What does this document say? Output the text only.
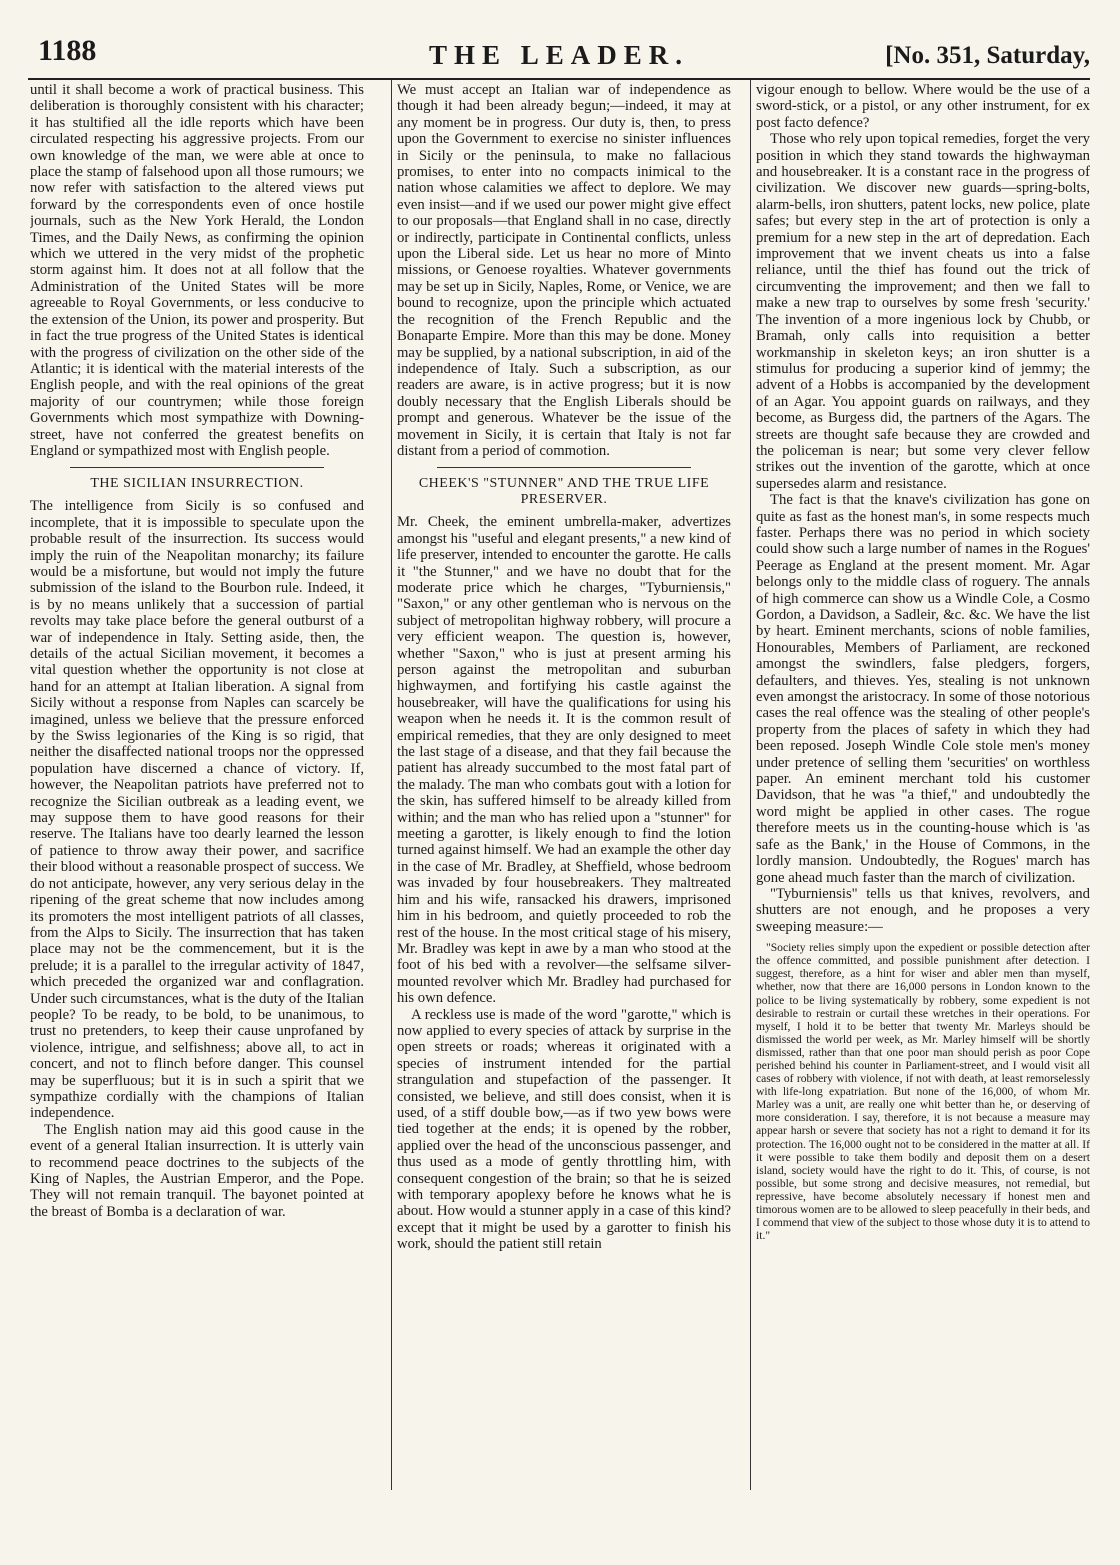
1188	THE LEADER.	[No. 351, Saturday,

until it shall become a work of practical business. This deliberation is thoroughly consistent with his character; it has stultified all the idle reports which have been circulated respecting his aggressive projects. From our own knowledge of the man, we were able at once to place the stamp of falsehood upon all those rumours; we now refer with satisfaction to the altered views put forward by the correspondents even of once hostile journals, such as the New York Herald, the London Times, and the Daily News, as confirming the opinion which we uttered in the very midst of the prophetic storm against him. It does not at all follow that the Administration of the United States will be more agreeable to Royal Governments, or less conducive to the extension of the Union, its power and prosperity. But in fact the true progress of the United States is identical with the progress of civilization on the other side of the Atlantic; it is identical with the material interests of the English people, and with the real opinions of the great majority of our countrymen; while those foreign Governments which most sympathize with Downing-street, have not conferred the greatest benefits on England or sympathized most with English people.

THE SICILIAN INSURRECTION.

The intelligence from Sicily is so confused and incomplete, that it is impossible to speculate upon the probable result of the insurrection. Its success would imply the ruin of the Neapolitan monarchy; its failure would be a misfortune, but would not imply the future submission of the island to the Bourbon rule. Indeed, it is by no means unlikely that a succession of partial revolts may take place before the general outburst of a war of independence in Italy. Setting aside, then, the details of the actual Sicilian movement, it becomes a vital question whether the opportunity is not close at hand for an attempt at Italian liberation. A signal from Sicily without a response from Naples can scarcely be imagined, unless we believe that the pressure enforced by the Swiss legionaries of the King is so rigid, that neither the disaffected national troops nor the oppressed population have discerned a chance of victory. If, however, the Neapolitan patriots have preferred not to recognize the Sicilian outbreak as a leading event, we may suppose them to have good reasons for their reserve. The Italians have too dearly learned the lesson of patience to throw away their power, and sacrifice their blood without a reasonable prospect of success. We do not anticipate, however, any very serious delay in the ripening of the great scheme that now includes among its promoters the most intelligent patriots of all classes, from the Alps to Sicily. The insurrection that has taken place may not be the commencement, but it is the prelude; it is a parallel to the irregular activity of 1847, which preceded the organized war and conflagration. Under such circumstances, what is the duty of the Italian people? To be ready, to be bold, to be unanimous, to trust no pretenders, to keep their cause unprofaned by violence, intrigue, and selfishness; above all, to act in concert, and not to flinch before danger. This counsel may be superfluous; but it is in such a spirit that we sympathize cordially with the champions of Italian independence.

The English nation may aid this good cause in the event of a general Italian insurrection. It is utterly vain to recommend peace doctrines to the subjects of the King of Naples, the Austrian Emperor, and the Pope. They will not remain tranquil. The bayonet pointed at the breast of Bomba is a declaration of war.

We must accept an Italian war of independence as though it had been already begun;—indeed, it may at any moment be in progress. Our duty is, then, to press upon the Government to exercise no sinister influences in Sicily or the peninsula, to make no fallacious promises, to enter into no compacts inimical to the nation whose calamities we affect to deplore. We may even insist—and if we used our power might give effect to our proposals—that England shall in no case, directly or indirectly, participate in Continental conflicts, unless upon the Liberal side. Let us hear no more of Minto missions, or Genoese royalties. Whatever governments may be set up in Sicily, Naples, Rome, or Venice, we are bound to recognize, upon the principle which actuated the recognition of the French Republic and the Bonaparte Empire. More than this may be done. Money may be supplied, by a national subscription, in aid of the independence of Italy. Such a subscription, as our readers are aware, is in active progress; but it is now doubly necessary that the English Liberals should be prompt and generous. Whatever be the issue of the movement in Sicily, it is certain that Italy is not far distant from a period of commotion.

CHEEK'S "STUNNER" AND THE TRUE LIFE PRESERVER.

Mr. Cheek, the eminent umbrella-maker, advertizes amongst his "useful and elegant presents," a new kind of life preserver, intended to encounter the garotte. He calls it "the Stunner," and we have no doubt that for the moderate price which he charges, "Tyburniensis," "Saxon," or any other gentleman who is nervous on the subject of metropolitan highway robbery, will procure a very efficient weapon. The question is, however, whether "Saxon," who is just at present arming his person against the metropolitan and suburban highwaymen, and fortifying his castle against the housebreaker, will have the qualifications for using his weapon when he needs it. It is the common result of empirical remedies, that they are only designed to meet the last stage of a disease, and that they fail because the patient has already succumbed to the most fatal part of the malady. The man who combats gout with a lotion for the skin, has suffered himself to be already killed from within; and the man who has relied upon a "stunner" for meeting a garotter, is likely enough to find the lotion turned against himself. We had an example the other day in the case of Mr. Bradley, at Sheffield, whose bedroom was invaded by four housebreakers. They maltreated him and his wife, ransacked his drawers, imprisoned him in his bedroom, and quietly proceeded to rob the rest of the house. In the most critical stage of his misery, Mr. Bradley was kept in awe by a man who stood at the foot of his bed with a revolver—the selfsame silver-mounted revolver which Mr. Bradley had purchased for his own defence.

A reckless use is made of the word "garotte," which is now applied to every species of attack by surprise in the open streets or roads; whereas it originated with a species of instrument intended for the partial strangulation and stupefaction of the passenger. It consisted, we believe, and still does consist, when it is used, of a stiff double bow,—as if two yew bows were tied together at the ends; it is opened by the robber, applied over the head of the unconscious passenger, and thus used as a mode of gently throttling him, with consequent congestion of the brain; so that he is seized with temporary apoplexy before he knows what he is about. How would a stunner apply in a case of this kind? except that it might be used by a garotter to finish his work, should the patient still retain

vigour enough to bellow. Where would be the use of a sword-stick, or a pistol, or any other instrument, for ex post facto defence?

Those who rely upon topical remedies, forget the very position in which they stand towards the highwayman and housebreaker. It is a constant race in the progress of civilization. We discover new guards—spring-bolts, alarm-bells, iron shutters, patent locks, new police, plate safes; but every step in the art of protection is only a premium for a new step in the art of depredation. Each improvement that we invent cheats us into a false reliance, until the thief has found out the trick of circumventing the improvement; and then we fall to make a new trap to ourselves by some fresh 'security.' The invention of a more ingenious lock by Chubb, or Bramah, only calls into requisition a better workmanship in skeleton keys; an iron shutter is a stimulus for producing a superior kind of jemmy; the advent of a Hobbs is accompanied by the development of an Agar. You appoint guards on railways, and they become, as Burgess did, the partners of the Agars. The streets are thought safe because they are crowded and the policeman is near; but some very clever fellow strikes out the invention of the garotte, which at once supersedes alarm and resistance.

The fact is that the knave's civilization has gone on quite as fast as the honest man's, in some respects much faster. Perhaps there was no period in which society could show such a large number of names in the Rogues' Peerage as England at the present moment. Mr. Agar belongs only to the middle class of roguery. The annals of high commerce can show us a Windle Cole, a Cosmo Gordon, a Davidson, a Sadleir, &c. &c. We have the list by heart. Eminent merchants, scions of noble families, Honourables, Members of Parliament, are reckoned amongst the swindlers, false pledgers, forgers, defaulters, and thieves. Yes, stealing is not unknown even amongst the aristocracy. In some of those notorious cases the real offence was the stealing of other people's property from the places of safety in which they had been reposed. Joseph Windle Cole stole men's money under pretence of selling them 'securities' on worthless paper. An eminent merchant told his customer Davidson, that he was "a thief," and undoubtedly the word might be applied in other cases. The rogue therefore meets us in the counting-house which is 'as safe as the Bank,' in the House of Commons, in the lordly mansion. Undoubtedly, the Rogues' march has gone ahead much faster than the march of civilization.

"Tyburniensis" tells us that knives, revolvers, and shutters are not enough, and he proposes a very sweeping measure:—

"Society relies simply upon the expedient or possible detection after the offence committed, and possible punishment after detection. I suggest, therefore, as a hint for wiser and abler men than myself, whether, now that there are 16,000 persons in London known to the police to be living systematically by robbery, some expedient is not desirable to restrain or curtail these wretches in their operations. For myself, I hold it to be better that twenty Mr. Marleys should be dismissed the world per week, as Mr. Marley himself will be shortly dismissed, rather than that one poor man should perish as poor Cope perished behind his counter in Parliament-street, and I would visit all cases of robbery with violence, if not with death, at least remorselessly with life-long expatriation. But none of the 16,000, of whom Mr. Marley was a unit, are really one whit better than he, or deserving of more consideration. I say, therefore, it is not because a measure may appear harsh or severe that society has not a right to demand it for its protection. The 16,000 ought not to be considered in the matter at all. If it were possible to take them bodily and deposit them on a desert island, society would have the right to do it. This, of course, is not possible, but some strong and decisive measures, not remedial, but repressive, have become absolutely necessary if honest men and timorous women are to be allowed to sleep peacefully in their beds, and I commend that view of the subject to those whose duty it is to attend to it."
